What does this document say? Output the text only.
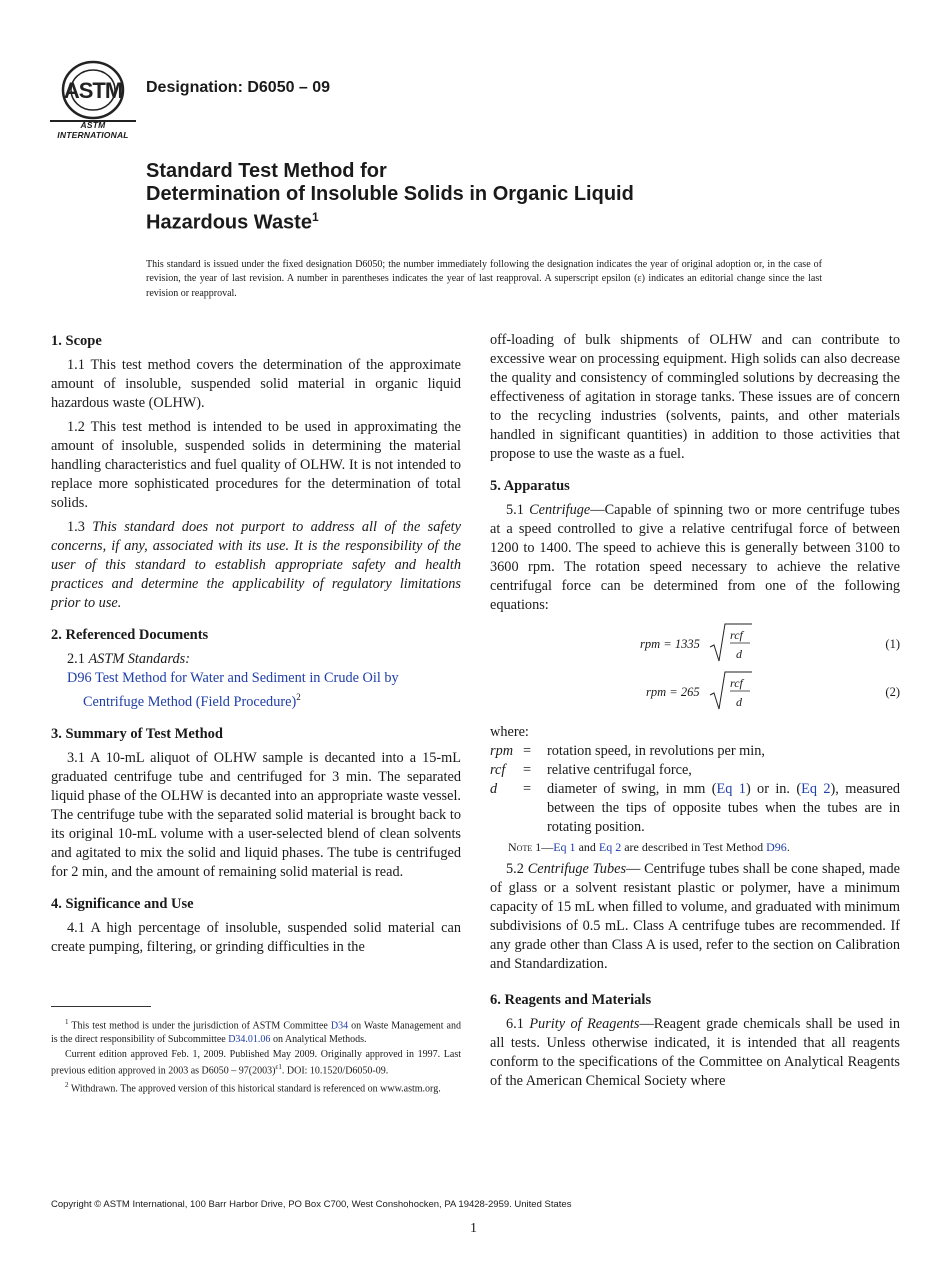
ASTM
ASTM INTERNATIONAL
Designation: D6050 – 09
Standard Test Method for
Determination of Insoluble Solids in Organic Liquid
Hazardous Waste$^1$
This standard is issued under the fixed designation D6050; the number immediately following the designation indicates the year of original adoption or, in the case of revision, the year of last revision. A number in parentheses indicates the year of last reapproval. A superscript epsilon (ε) indicates an editorial change since the last revision or reapproval.
1. Scope

1.1 This test method covers the determination of the approximate amount of insoluble, suspended solid material in organic liquid hazardous waste (OLHW).

1.2 This test method is intended to be used in approximating the amount of insoluble, suspended solids in determining the material handling characteristics and fuel quality of OLHW. It is not intended to replace more sophisticated procedures for the determination of total solids.

1.3 This standard does not purport to address all of the safety concerns, if any, associated with its use. It is the responsibility of the user of this standard to establish appropriate safety and health practices and determine the applicability of regulatory limitations prior to use.

2. Referenced Documents

2.1 ASTM Standards:

D96 Test Method for Water and Sediment in Crude Oil by Centrifuge Method (Field Procedure)$^2$

3. Summary of Test Method

3.1 A 10-mL aliquot of OLHW sample is decanted into a 15-mL graduated centrifuge tube and centrifuged for 3 min. The separated liquid phase of the OLHW is decanted into an appropriate waste vessel. The centrifuge tube with the separated solid material is brought back to its original 10-mL volume with a user-selected blend of clean solvents and agitated to mix the solid and liquid phases. The tube is centrifuged for 2 min, and the amount of remaining solid material is read.

4. Significance and Use

4.1 A high percentage of insoluble, suspended solid material can create pumping, filtering, or grinding difficulties in the

$^1$ This test method is under the jurisdiction of ASTM Committee D34 on Waste Management and is the direct responsibility of Subcommittee D34.01.06 on Analytical Methods.

Current edition approved Feb. 1, 2009. Published May 2009. Originally approved in 1997. Last previous edition approved in 2003 as $D6050 - 97(2003)^{\varepsilon 1}$. DOI: 10.1520/D6050-09.

$^2$ Withdrawn. The approved version of this historical standard is referenced on www.astm.org.

off-loading of bulk shipments of OLHW and can contribute to excessive wear on processing equipment. High solids can also decrease the quality and consistency of commingled solutions by decreasing the effectiveness of agitation in storage tanks. These issues are of concern to the recycling industries (solvents, paints, and other materials handled in significant quantities) in addition to those activities that propose to use the waste as a fuel.

5. Apparatus

5.1 Centrifuge—Capable of spinning two or more centrifuge tubes at a speed controlled to give a relative centrifugal force of between 1200 to 1400. The speed to achieve this is generally between 3100 to 3600 rpm. The rotation speed necessary to achieve the relative centrifugal force can be determined from one of the following equations:

rpm = 1335
rcf
d
(1)
rpm = 265
rcf
d
(2)

where:

rpm =	rotation speed, in revolutions per min,
rcf	=	relative centrifugal force,
d	=	diameter of swing, in mm (Eq 1) or in. (Eq 2), measured between the tips of opposite tubes when the tubes are in rotating position.

Note 1—Eq 1 and Eq 2 are described in Test Method D96.

5.2 Centrifuge Tubes— Centrifuge tubes shall be cone shaped, made of glass or a solvent resistant plastic or polymer, have a minimum capacity of 15 mL when filled to volume, and graduated with minimum subdivisions of 0.5 mL. Class A centrifuge tubes are recommended. If any grade other than Class A is used, refer to the section on Calibration and Standardization.

6. Reagents and Materials

6.1 Purity of Reagents—Reagent grade chemicals shall be used in all tests. Unless otherwise indicated, it is intended that all reagents conform to the specifications of the Committee on Analytical Reagents of the American Chemical Society where

Copyright © ASTM International, 100 Barr Harbor Drive, PO Box C700, West Conshohocken, PA 19428-2959. United States
1
